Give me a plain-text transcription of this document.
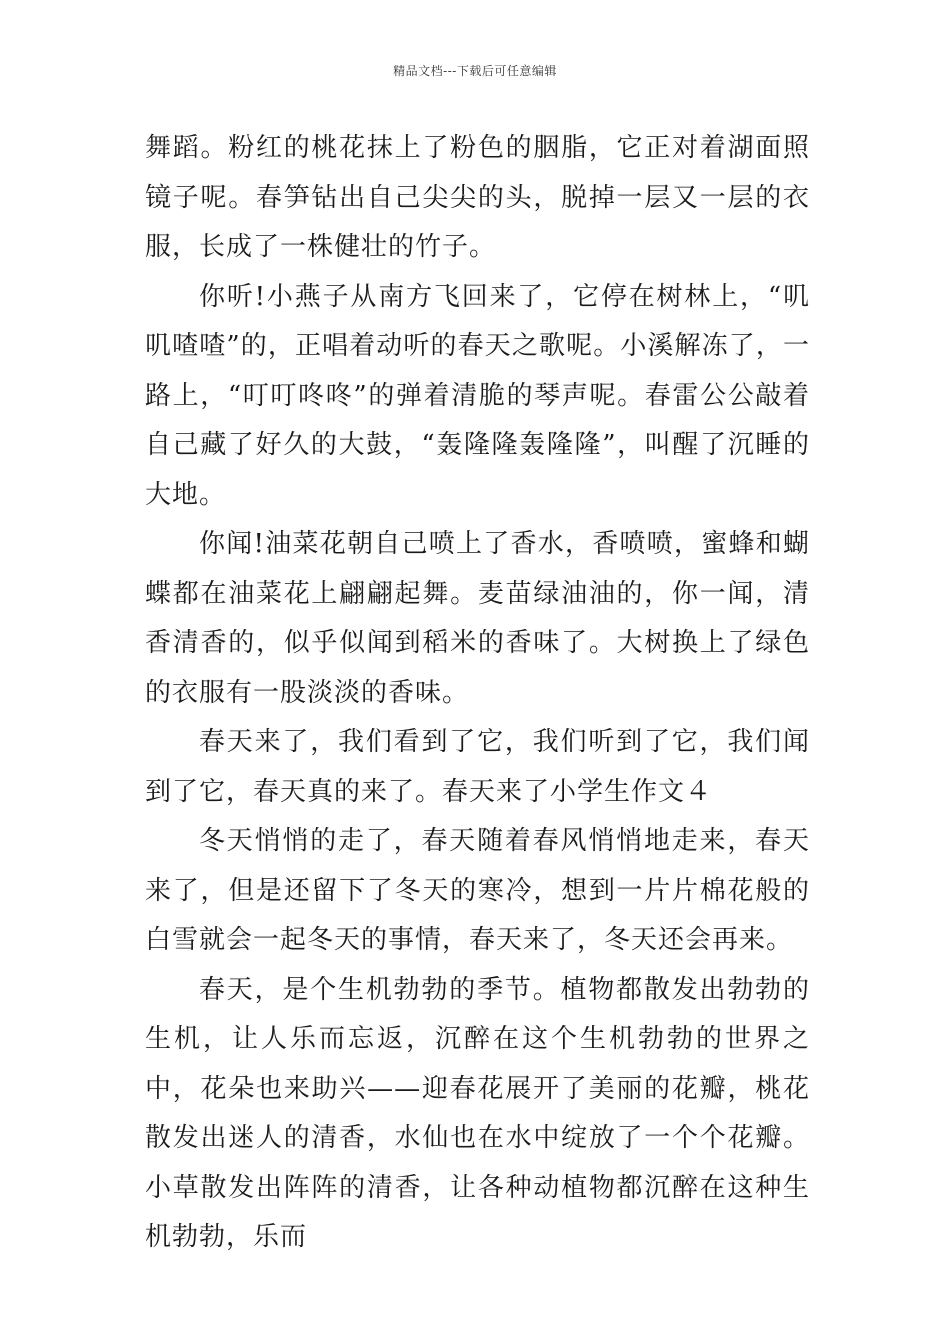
精品文档---下载后可任意编辑

舞蹈。粉红的桃花抹上了粉色的胭脂，它正对着湖面照镜子呢。春笋钻出自己尖尖的头，脱掉一层又一层的衣服，长成了一株健壮的竹子。

你听!小燕子从南方飞回来了，它停在树林上，“叽叽喳喳”的，正唱着动听的春天之歌呢。小溪解冻了，一路上，“叮叮咚咚”的弹着清脆的琴声呢。春雷公公敲着自己藏了好久的大鼓，“轰隆隆轰隆隆”，叫醒了沉睡的大地。

你闻!油菜花朝自己喷上了香水，香喷喷，蜜蜂和蝴蝶都在油菜花上翩翩起舞。麦苗绿油油的，你一闻，清香清香的，似乎似闻到稻米的香味了。大树换上了绿色的衣服有一股淡淡的香味。

春天来了，我们看到了它，我们听到了它，我们闻到了它，春天真的来了。春天来了小学生作文４

冬天悄悄的走了，春天随着春风悄悄地走来，春天来了，但是还留下了冬天的寒冷，想到一片片棉花般的白雪就会一起冬天的事情，春天来了，冬天还会再来。

春天，是个生机勃勃的季节。植物都散发出勃勃的生机，让人乐而忘返，沉醉在这个生机勃勃的世界之中，花朵也来助兴——迎春花展开了美丽的花瓣，桃花散发出迷人的清香，水仙也在水中绽放了一个个花瓣。小草散发出阵阵的清香，让各种动植物都沉醉在这种生机勃勃，乐而
